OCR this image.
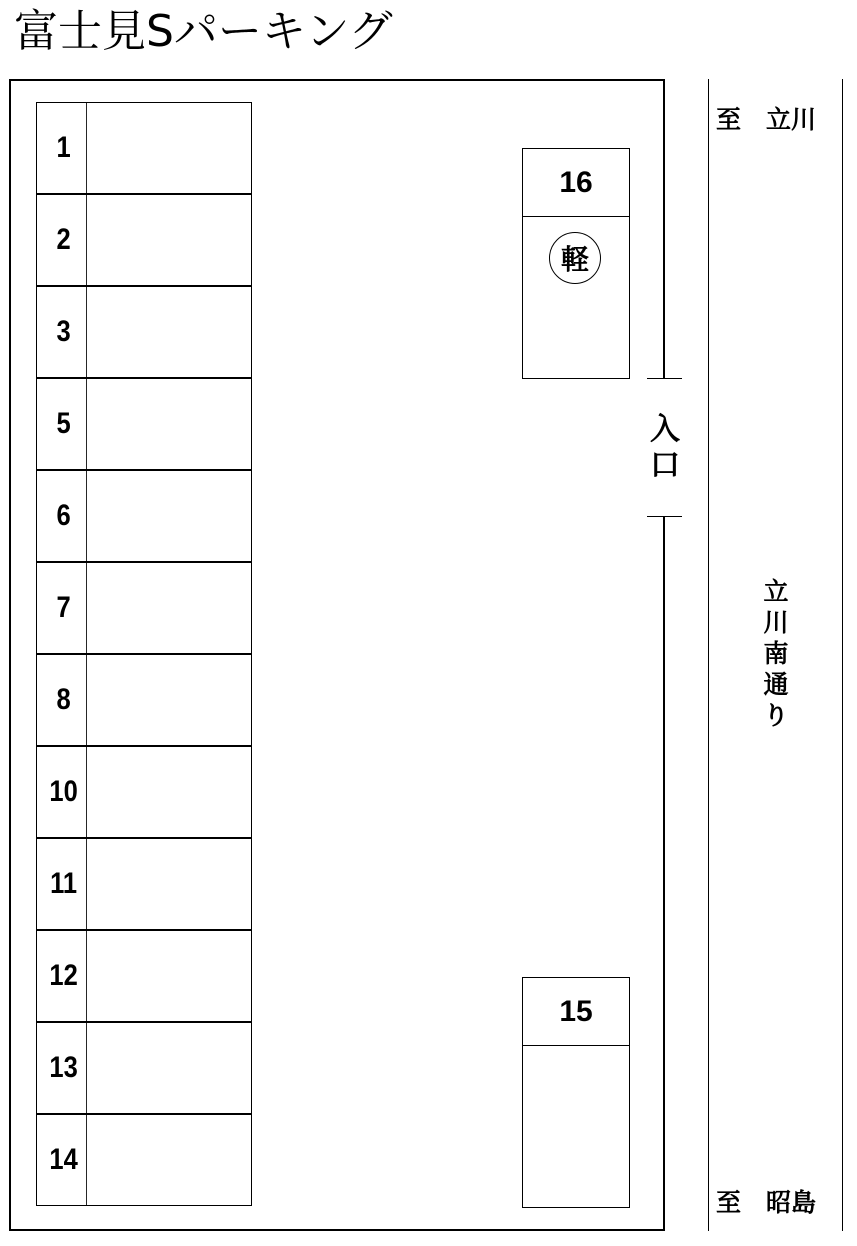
富士見Sパーキング
1
2
3
5
6
7
8
10
11
12
13
14
16
軽
15
入
口
至　立川
至　昭島
立
川
南
通
り
